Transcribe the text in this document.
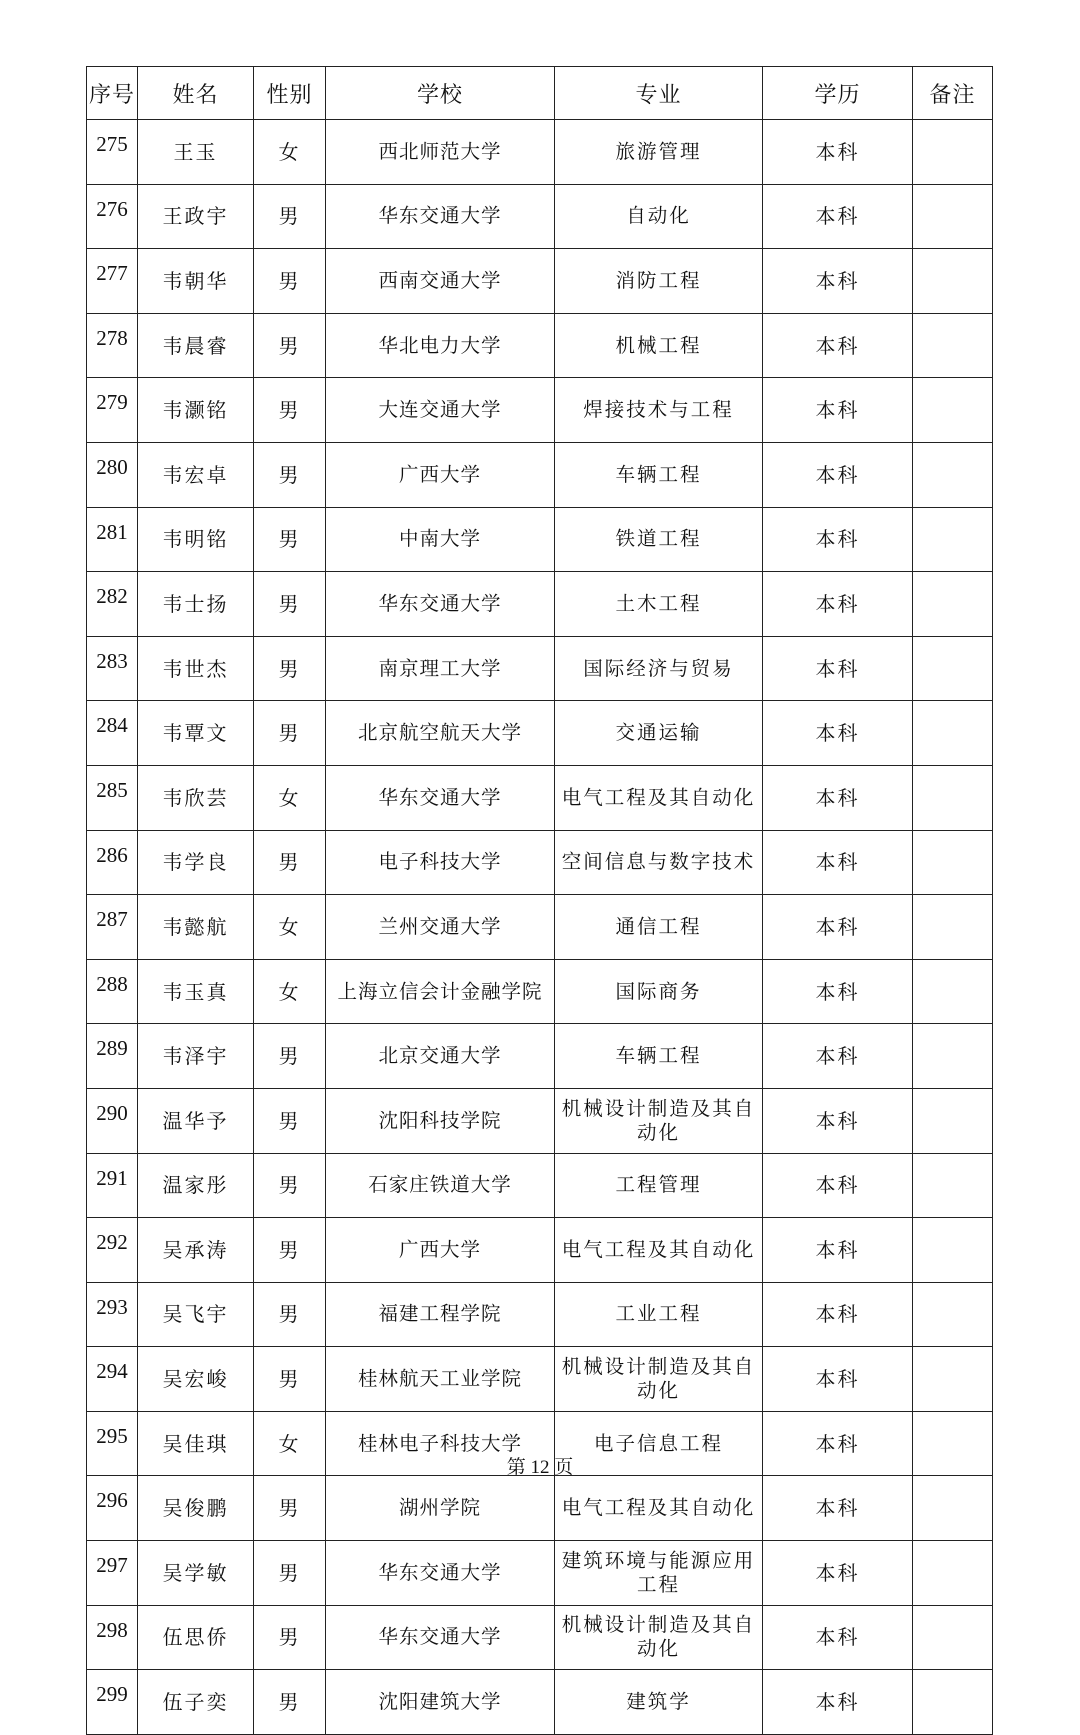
序号	姓名	性别	学校	专业	学历	备注
275	王玉	女	西北师范大学	旅游管理	本科	
276	王政宇	男	华东交通大学	自动化	本科	
277	韦朝华	男	西南交通大学	消防工程	本科	
278	韦晨睿	男	华北电力大学	机械工程	本科	
279	韦灏铭	男	大连交通大学	焊接技术与工程	本科	
280	韦宏卓	男	广西大学	车辆工程	本科	
281	韦明铭	男	中南大学	铁道工程	本科	
282	韦士扬	男	华东交通大学	土木工程	本科	
283	韦世杰	男	南京理工大学	国际经济与贸易	本科	
284	韦覃文	男	北京航空航天大学	交通运输	本科	
285	韦欣芸	女	华东交通大学	电气工程及其自动化	本科	
286	韦学良	男	电子科技大学	空间信息与数字技术	本科	
287	韦懿航	女	兰州交通大学	通信工程	本科	
288	韦玉真	女	上海立信会计金融学院	国际商务	本科	
289	韦泽宇	男	北京交通大学	车辆工程	本科	
290	温华予	男	沈阳科技学院	机械设计制造及其自动化	本科	
291	温家彤	男	石家庄铁道大学	工程管理	本科	
292	吴承涛	男	广西大学	电气工程及其自动化	本科	
293	吴飞宇	男	福建工程学院	工业工程	本科	
294	吴宏峻	男	桂林航天工业学院	机械设计制造及其自动化	本科	
295	吴佳琪	女	桂林电子科技大学	电子信息工程	本科	
296	吴俊鹏	男	湖州学院	电气工程及其自动化	本科	
297	吴学敏	男	华东交通大学	建筑环境与能源应用工程	本科	
298	伍思侨	男	华东交通大学	机械设计制造及其自动化	本科	
299	伍子奕	男	沈阳建筑大学	建筑学	本科	
第 12 页
